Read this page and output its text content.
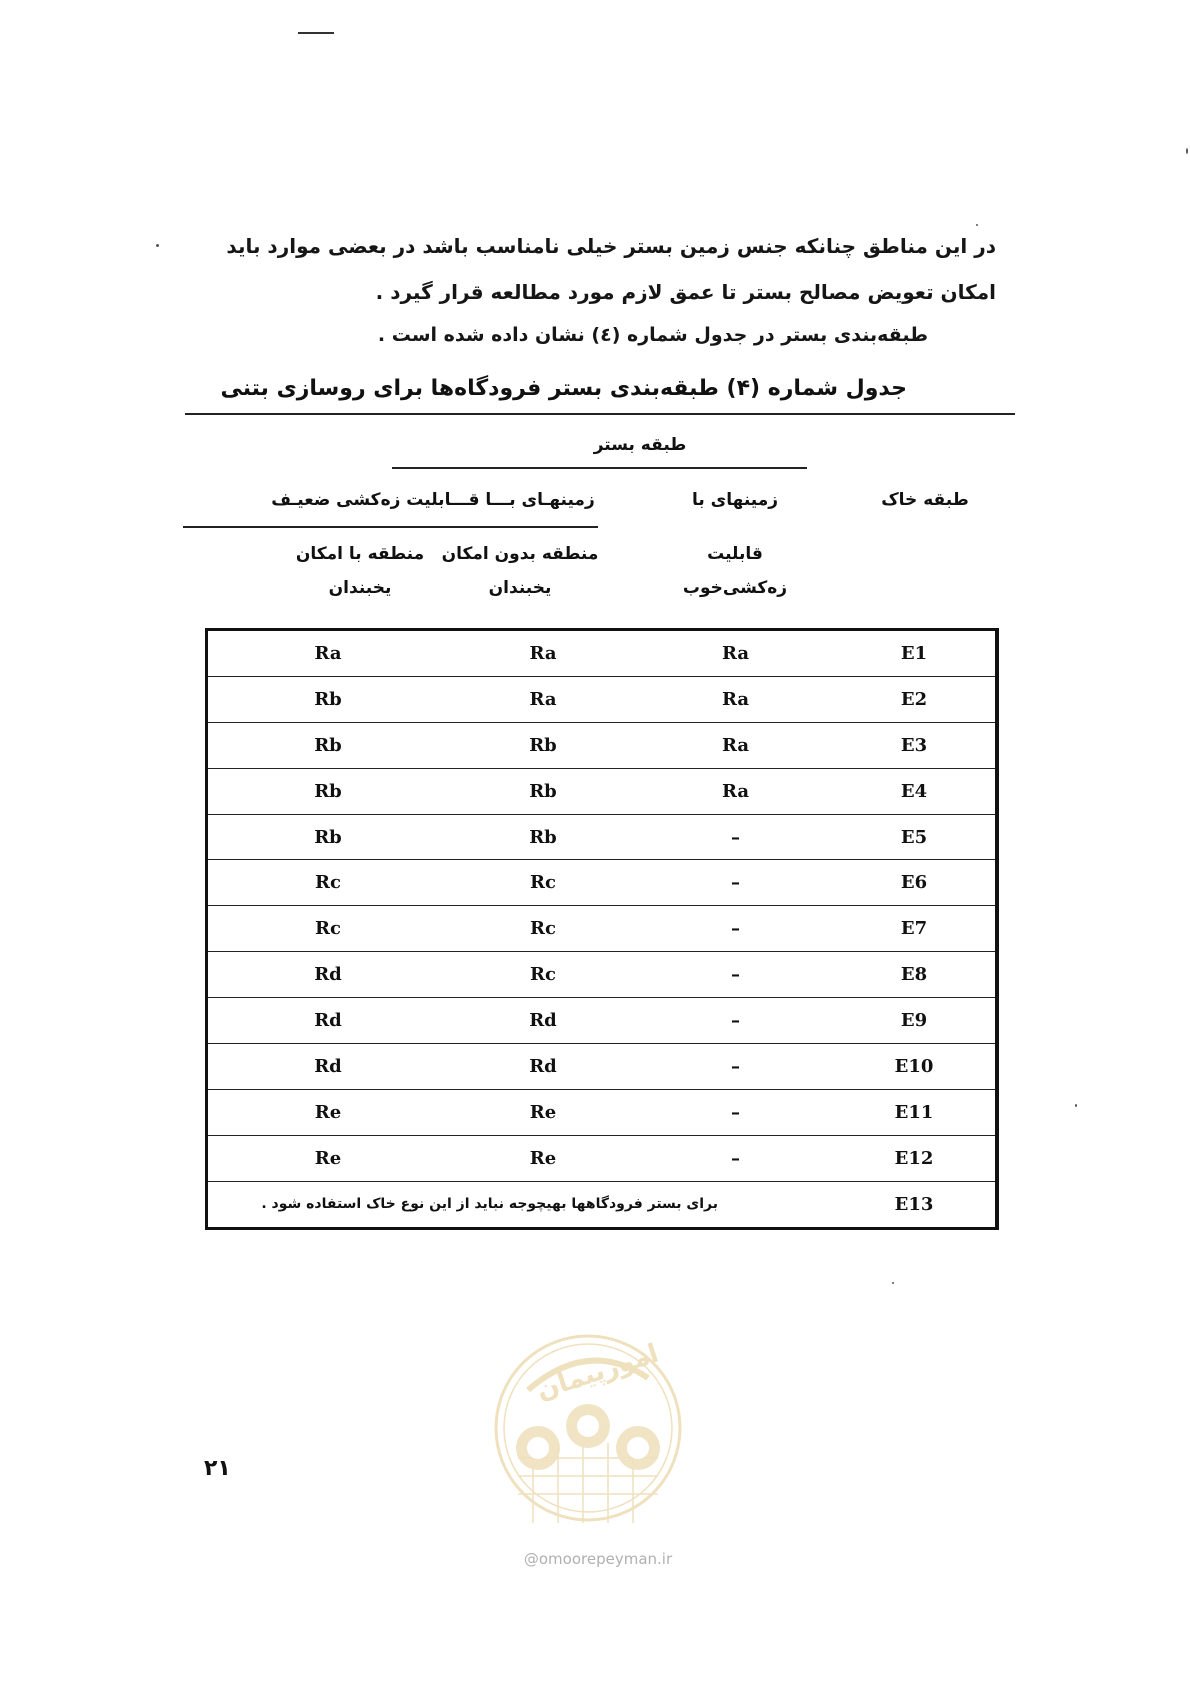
در این مناطق چنانکه جنس زمین بستر خیلی نامناسب باشد در بعضی موارد باید
امکان تعویض مصالح بستر تا عمق لازم مورد مطالعه قرار گیرد .
طبقه‌بندی بستر در جدول شماره (٤) نشان داده شده است .
جدول شماره (۴) طبقه‌بندی بستر فرودگاه‌ها برای روسازی بتنی
طبقه بستر
طبقه خاک
زمینهای با
قابلیت
زه‌کشی‌خوب
زمینهـای بـــا قـــابلیت زه‌کشی ضعیـف
منطقه بدون امکان
یخبندان
منطقه با امکان
یخبندان
Ra	Ra	Ra	E1
Rb	Ra	Ra	E2
Rb	Rb	Ra	E3
Rb	Rb	Ra	E4
Rb	Rb	–	E5
Rc	Rc	–	E6
Rc	Rc	–	E7
Rd	Rc	–	E8
Rd	Rd	–	E9
Rd	Rd	–	E10
Re	Re	–	E11
Re	Re	–	E12
برای بستر فرودگاهها بهیچوجه نباید از این نوع خاک استفاده شود .	E13
۲۱
امورپیمان
@omoorepeyman.ir
